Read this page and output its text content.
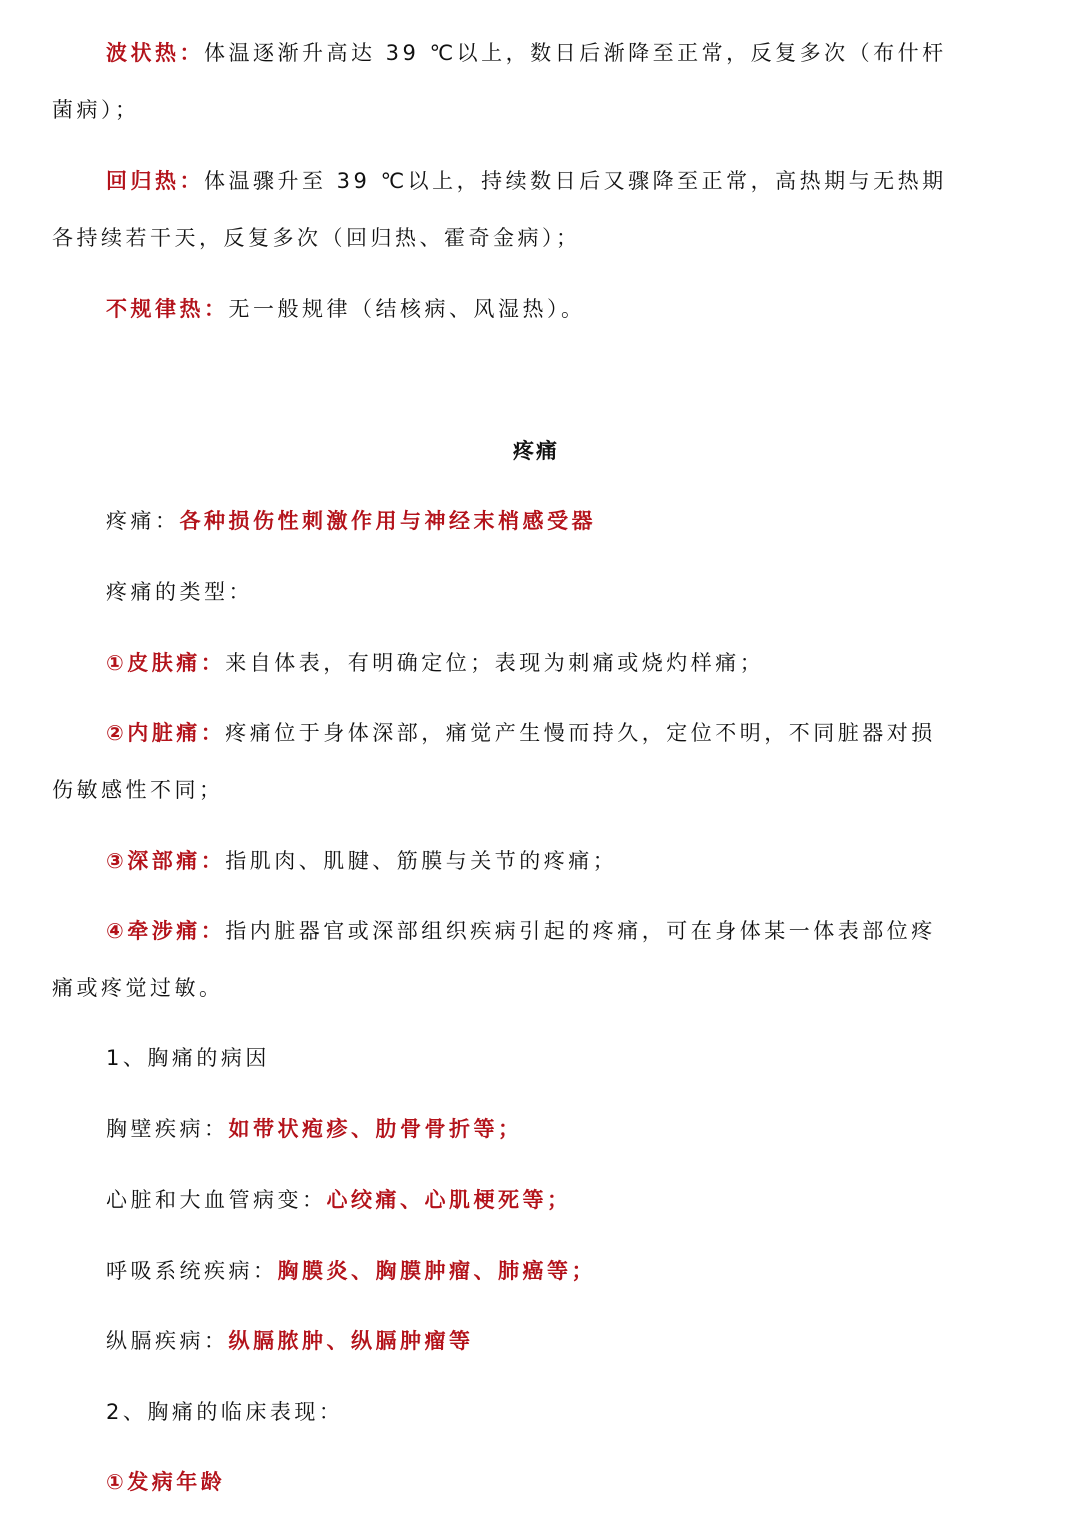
波状热：体温逐渐升高达 39 ℃以上，数日后渐降至正常，反复多次（布什杆
菌病）；
回归热：体温骤升至 39 ℃以上，持续数日后又骤降至正常，高热期与无热期
各持续若干天，反复多次（回归热、霍奇金病）；
不规律热：无一般规律（结核病、风湿热）。
疼痛
疼痛：各种损伤性刺激作用与神经末梢感受器
疼痛的类型：
①皮肤痛：来自体表，有明确定位；表现为刺痛或烧灼样痛；
②内脏痛：疼痛位于身体深部，痛觉产生慢而持久，定位不明，不同脏器对损
伤敏感性不同；
③深部痛：指肌肉、肌腱、筋膜与关节的疼痛；
④牵涉痛：指内脏器官或深部组织疾病引起的疼痛，可在身体某一体表部位疼
痛或疼觉过敏。
1、胸痛的病因
胸壁疾病：如带状疱疹、肋骨骨折等；
心脏和大血管病变：心绞痛、心肌梗死等；
呼吸系统疾病：胸膜炎、胸膜肿瘤、肺癌等；
纵膈疾病：纵膈脓肿、纵膈肿瘤等
2、胸痛的临床表现：
①发病年龄
